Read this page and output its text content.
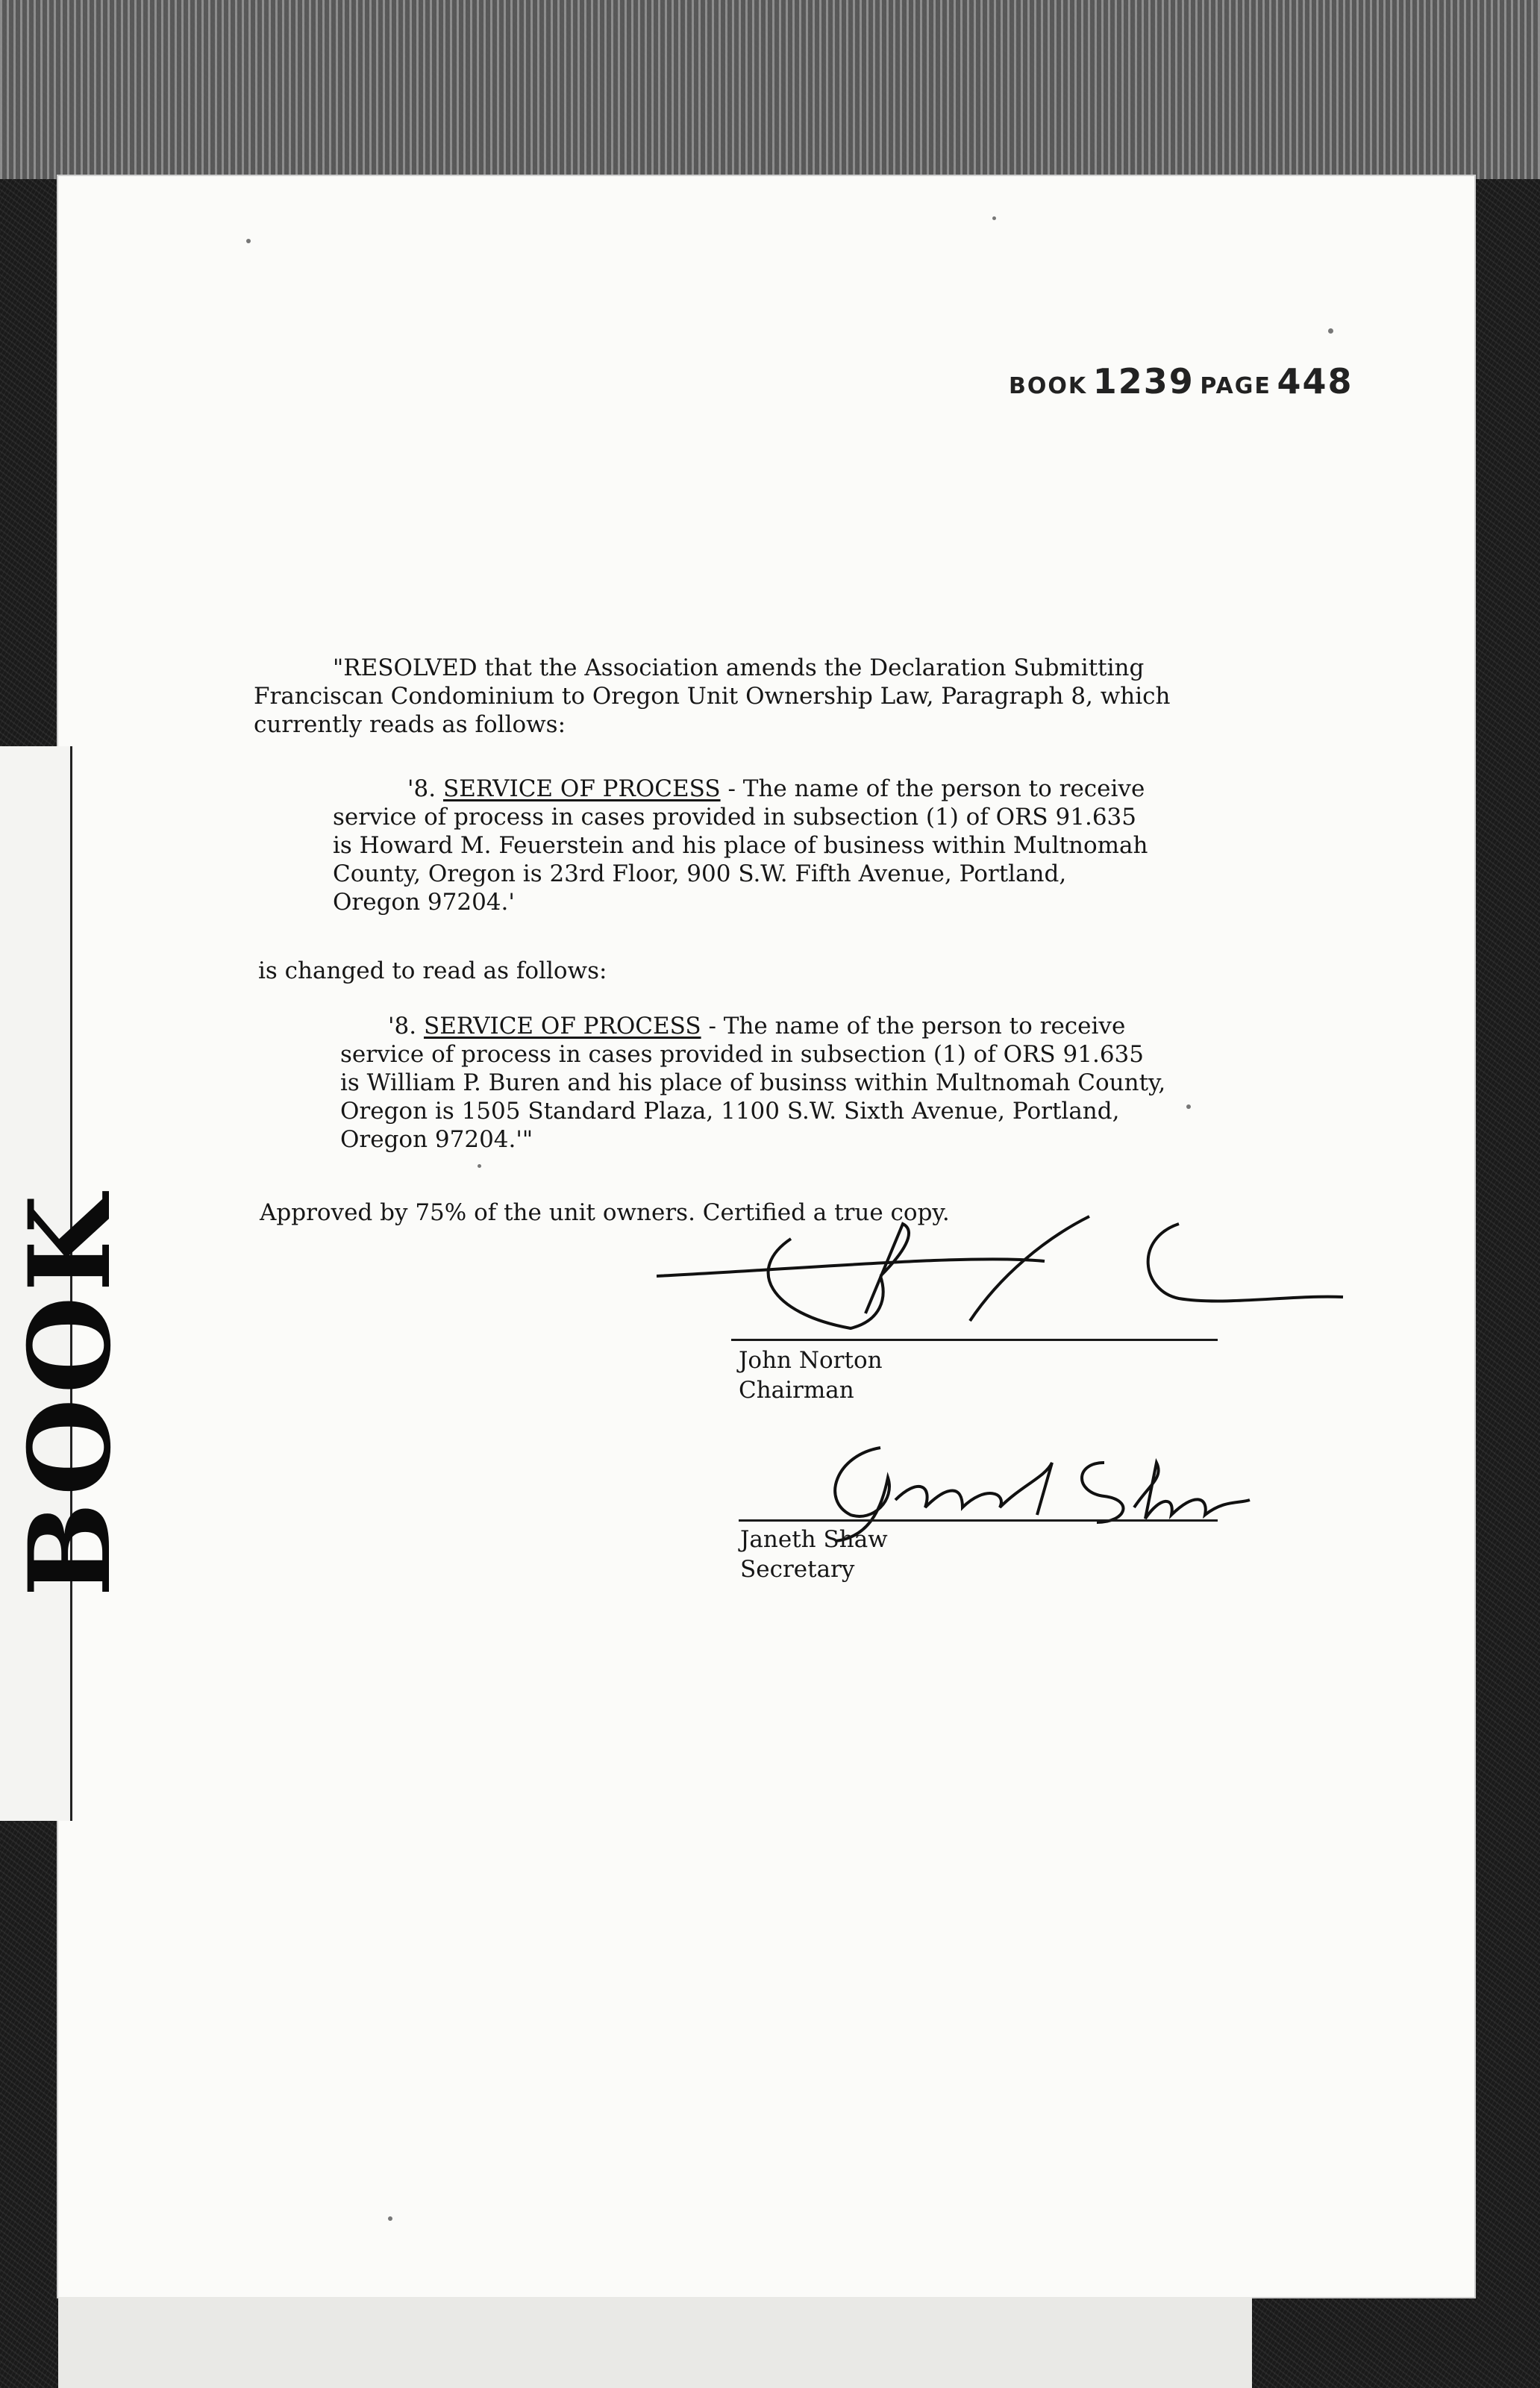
BOOK
BOOK 1239 PAGE 448
"RESOLVED that the Association amends the Declaration Submitting
Franciscan Condominium to Oregon Unit Ownership Law, Paragraph 8, which
currently reads as follows:
'8. SERVICE OF PROCESS - The name of the person to receive
service of process in cases provided in subsection (1) of ORS 91.635
is Howard M. Feuerstein and his place of business within Multnomah
County, Oregon is 23rd Floor, 900 S.W. Fifth Avenue, Portland,
Oregon 97204.'
is changed to read as follows:
'8. SERVICE OF PROCESS - The name of the person to receive
service of process in cases provided in subsection (1) of ORS 91.635
is William P. Buren and his place of businss within Multnomah County,
Oregon is 1505 Standard Plaza, 1100 S.W. Sixth Avenue, Portland,
Oregon 97204.'"
Approved by 75% of the unit owners. Certified a true copy.
John Norton
Chairman
Janeth Shaw
Secretary
